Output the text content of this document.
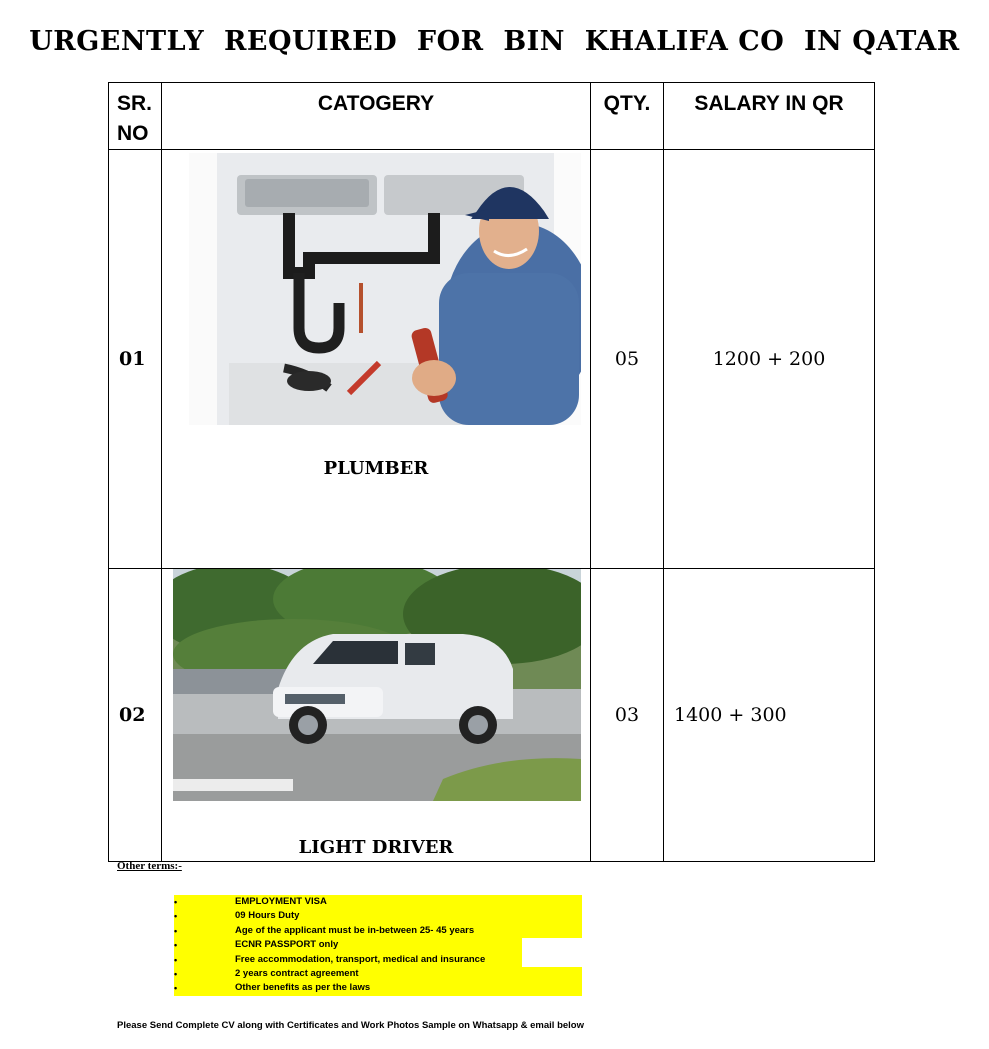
URGENTLY  REQUIRED  FOR  BIN  KHALIFA CO  IN QATAR
SR. NO	CATOGERY	QTY.	SALARY IN QR
01	PLUMBER	05	1200 + 200
02	LIGHT DRIVER	03	1400 + 300
Other terms:-
•	EMPLOYMENT VISA
•	09 Hours Duty
•	Age of the applicant must be in-between 25- 45 years
•	ECNR PASSPORT only
•	Free accommodation, transport, medical and insurance
•	2 years contract agreement
•	Other benefits as per the laws
Please Send Complete CV along with Certificates and Work Photos Sample on Whatsapp & email below
